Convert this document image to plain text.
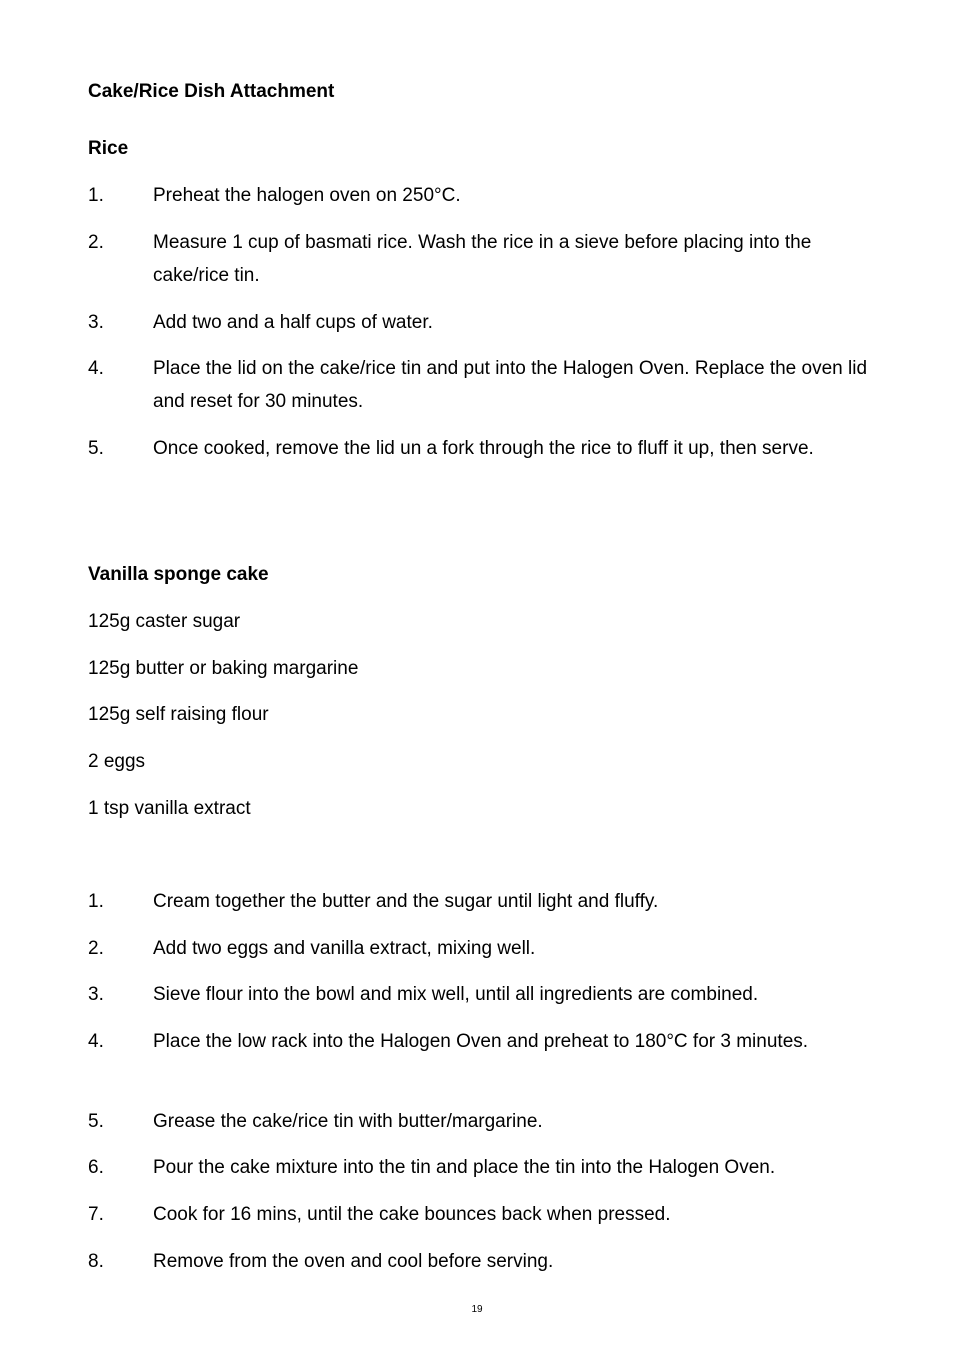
Cake/Rice Dish Attachment
Rice
1.	Preheat the halogen oven on 250°C.
2.	Measure 1 cup of basmati rice. Wash the rice in a sieve before placing into the cake/rice tin.
3.	Add two and a half cups of water.
4.	Place the lid on the cake/rice tin and put into the Halogen Oven. Replace the oven lid and reset for 30 minutes.
5.	Once cooked, remove the lid un a fork through the rice to fluff it up, then serve.
Vanilla sponge cake
125g caster sugar
125g butter or baking margarine
125g self raising flour
2 eggs
1 tsp vanilla extract
1.	Cream together the butter and the sugar until light and fluffy.
2.	Add two eggs and vanilla extract, mixing well.
3.	Sieve flour into the bowl and mix well, until all ingredients are combined.
4.	Place the low rack into the Halogen Oven and preheat to 180°C for 3 minutes.
5.	Grease the cake/rice tin with butter/margarine.
6.	Pour the cake mixture into the tin and place the tin into the Halogen Oven.
7.	Cook for 16 mins, until the cake bounces back when pressed.
8.	Remove from the oven and cool before serving.
19
